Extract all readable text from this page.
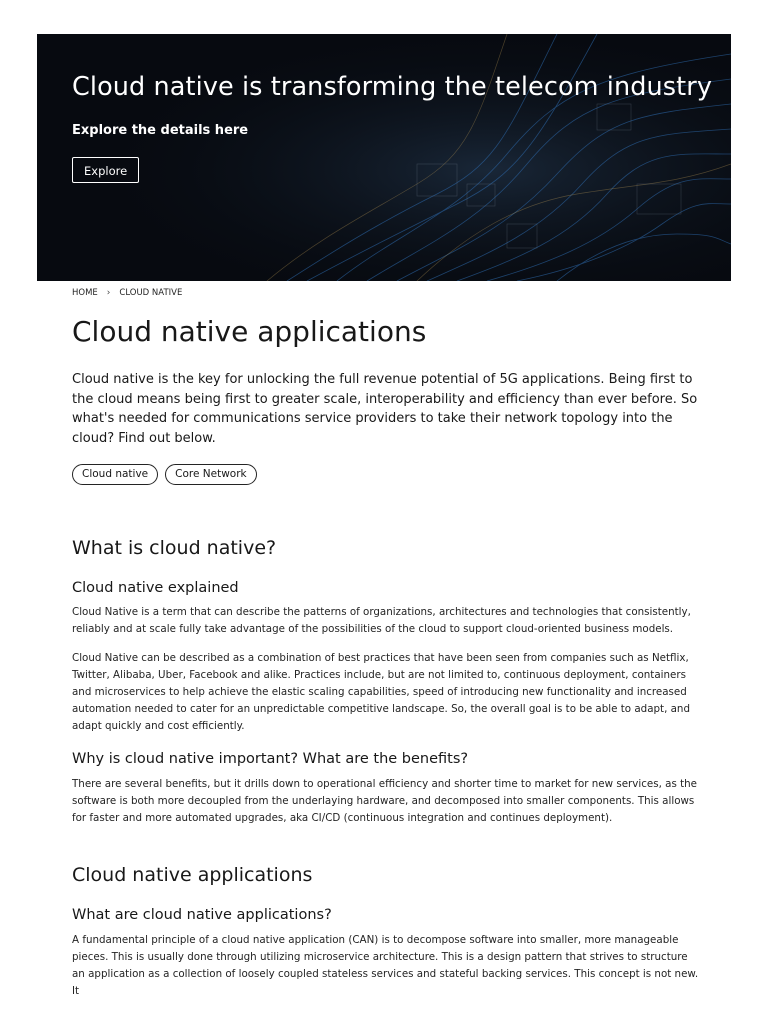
Cloud native is transforming the telecom industry
Explore the details here
Explore
HOME › CLOUD NATIVE
Cloud native applications

Cloud native is the key for unlocking the full revenue potential of 5G applications. Being first to the cloud means being first to greater scale, interoperability and efficiency than ever before. So what's needed for communications service providers to take their network topology into the cloud? Find out below.

Cloud native	Core Network
What is cloud native?
Cloud native explained

Cloud Native is a term that can describe the patterns of organizations, architectures and technologies that consistently, reliably and at scale fully take advantage of the possibilities of the cloud to support cloud-oriented business models.

Cloud Native can be described as a combination of best practices that have been seen from companies such as Netflix, Twitter, Alibaba, Uber, Facebook and alike. Practices include, but are not limited to, continuous deployment, containers and microservices to help achieve the elastic scaling capabilities, speed of introducing new functionality and increased automation needed to cater for an unpredictable competitive landscape. So, the overall goal is to be able to adapt, and adapt quickly and cost efficiently.

Why is cloud native important? What are the benefits?

There are several benefits, but it drills down to operational efficiency and shorter time to market for new services, as the software is both more decoupled from the underlaying hardware, and decomposed into smaller components. This allows for faster and more automated upgrades, aka CI/CD (continuous integration and continues deployment).

Cloud native applications
What are cloud native applications?

A fundamental principle of a cloud native application (CAN) is to decompose software into smaller, more manageable pieces. This is usually done through utilizing microservice architecture. This is a design pattern that strives to structure an application as a collection of loosely coupled stateless services and stateful backing services. This concept is not new. It
